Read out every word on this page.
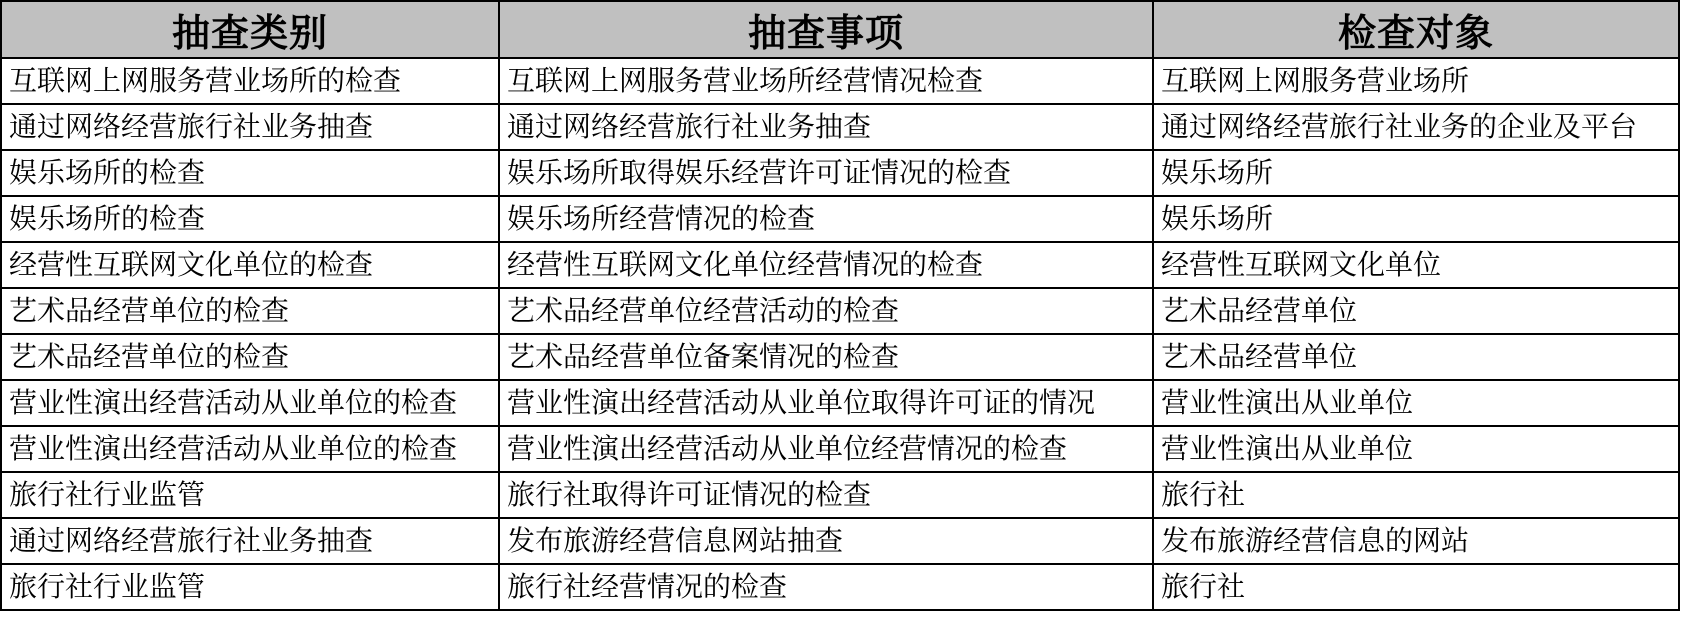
抽查类别	抽查事项	检查对象
互联网上网服务营业场所的检查	互联网上网服务营业场所经营情况检查	互联网上网服务营业场所
通过网络经营旅行社业务抽查	通过网络经营旅行社业务抽查	通过网络经营旅行社业务的企业及平台
娱乐场所的检查	娱乐场所取得娱乐经营许可证情况的检查	娱乐场所
娱乐场所的检查	娱乐场所经营情况的检查	娱乐场所
经营性互联网文化单位的检查	经营性互联网文化单位经营情况的检查	经营性互联网文化单位
艺术品经营单位的检查	艺术品经营单位经营活动的检查	艺术品经营单位
艺术品经营单位的检查	艺术品经营单位备案情况的检查	艺术品经营单位
营业性演出经营活动从业单位的检查	营业性演出经营活动从业单位取得许可证的情况	营业性演出从业单位
营业性演出经营活动从业单位的检查	营业性演出经营活动从业单位经营情况的检查	营业性演出从业单位
旅行社行业监管	旅行社取得许可证情况的检查	旅行社
通过网络经营旅行社业务抽查	发布旅游经营信息网站抽查	发布旅游经营信息的网站
旅行社行业监管	旅行社经营情况的检查	旅行社
